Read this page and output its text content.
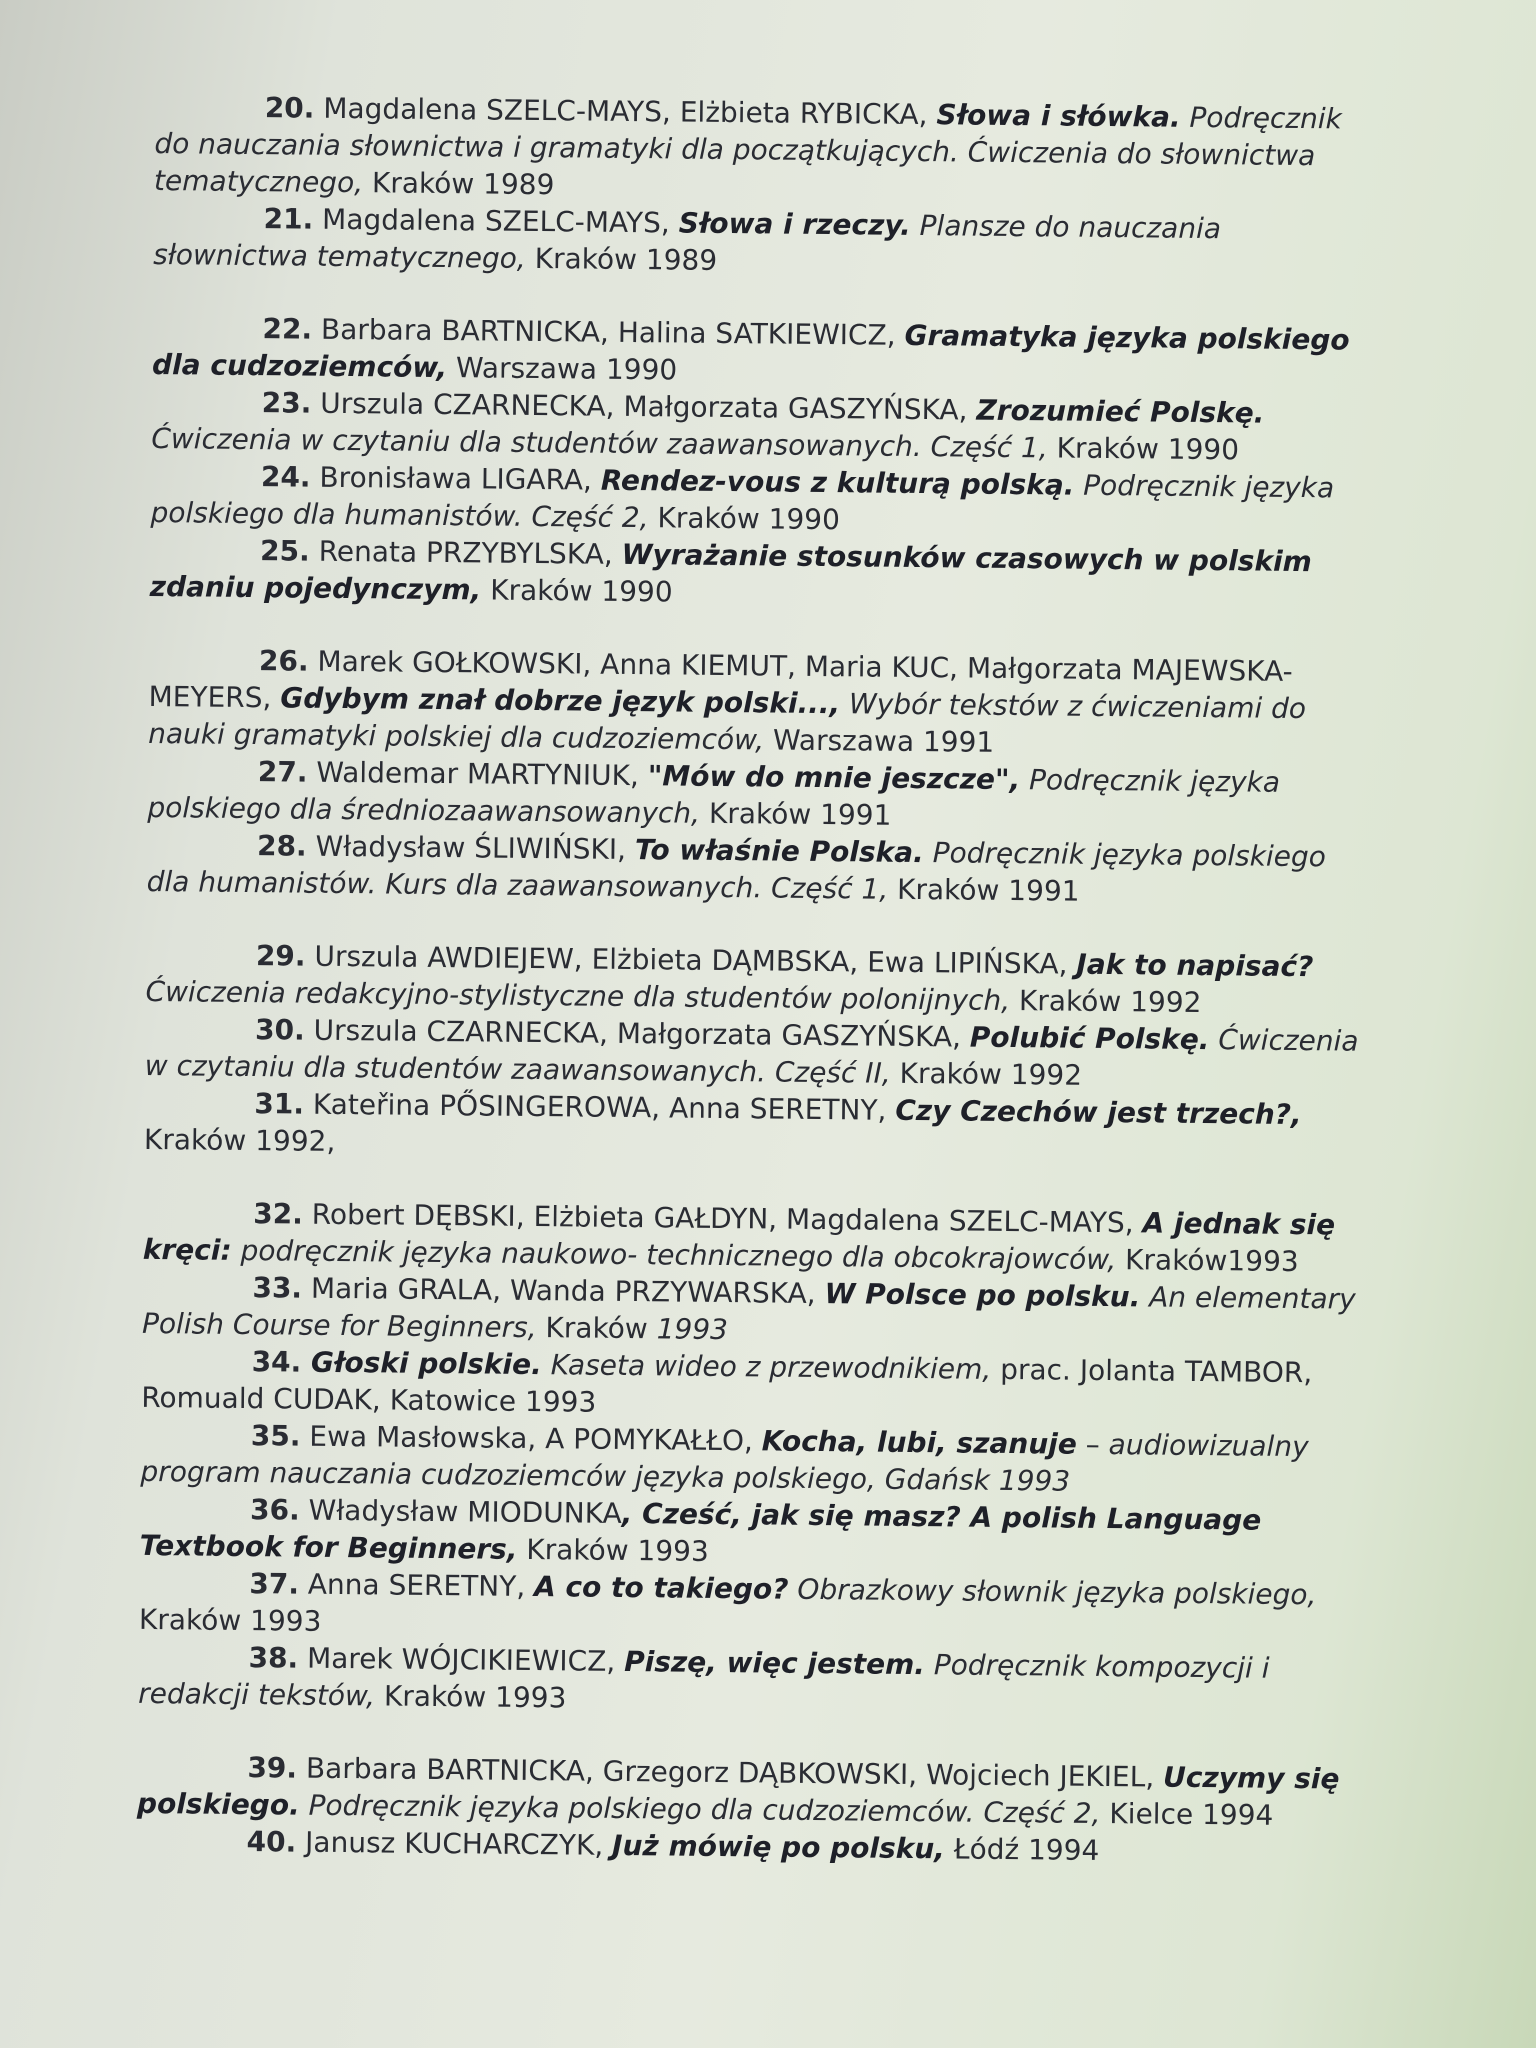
20. Magdalena SZELC-MAYS, Elżbieta RYBICKA, Słowa i słówka. Podręcznik do nauczania słownictwa i gramatyki dla początkujących. Ćwiczenia do słownictwa tematycznego, Kraków 1989

21. Magdalena SZELC-MAYS, Słowa i rzeczy. Plansze do nauczania słownictwa tematycznego, Kraków 1989

22. Barbara BARTNICKA, Halina SATKIEWICZ, Gramatyka języka polskiego dla cudzoziemców, Warszawa 1990

23. Urszula CZARNECKA, Małgorzata GASZYŃSKA, Zrozumieć Polskę. Ćwiczenia w czytaniu dla studentów zaawansowanych. Część 1, Kraków 1990

24. Bronisława LIGARA, Rendez-vous z kulturą polską. Podręcznik języka polskiego dla humanistów. Część 2, Kraków 1990

25. Renata PRZYBYLSKA, Wyrażanie stosunków czasowych w polskim zdaniu pojedynczym, Kraków 1990

26. Marek GOŁKOWSKI, Anna KIEMUT, Maria KUC, Małgorzata MAJEWSKA-MEYERS, Gdybym znał dobrze język polski..., Wybór tekstów z ćwiczeniami do nauki gramatyki polskiej dla cudzoziemców, Warszawa 1991

27. Waldemar MARTYNIUK, "Mów do mnie jeszcze", Podręcznik języka polskiego dla średniozaawansowanych, Kraków 1991

28. Władysław ŚLIWIŃSKI, To właśnie Polska. Podręcznik języka polskiego dla humanistów. Kurs dla zaawansowanych. Część 1, Kraków 1991

29. Urszula AWDIEJEW, Elżbieta DĄMBSKA, Ewa LIPIŃSKA, Jak to napisać? Ćwiczenia redakcyjno-stylistyczne dla studentów polonijnych, Kraków 1992

30. Urszula CZARNECKA, Małgorzata GASZYŃSKA, Polubić Polskę. Ćwiczenia w czytaniu dla studentów zaawansowanych. Część II, Kraków 1992

31. Kateřina PŐSINGEROWA, Anna SERETNY, Czy Czechów jest trzech?, Kraków 1992,

32. Robert DĘBSKI, Elżbieta GAŁDYN, Magdalena SZELC-MAYS, A jednak się kręci: podręcznik języka naukowo- technicznego dla obcokrajowców, Kraków1993

33. Maria GRALA, Wanda PRZYWARSKA, W Polsce po polsku. An elementary Polish Course for Beginners, Kraków 1993

34. Głoski polskie. Kaseta wideo z przewodnikiem, prac. Jolanta TAMBOR, Romuald CUDAK, Katowice 1993

35. Ewa Masłowska, A POMYKAŁŁO, Kocha, lubi, szanuje – audiowizualny program nauczania cudzoziemców języka polskiego, Gdańsk 1993

36. Władysław MIODUNKA, Cześć, jak się masz? A polish Language Textbook for Beginners, Kraków 1993

37. Anna SERETNY, A co to takiego? Obrazkowy słownik języka polskiego, Kraków 1993

38. Marek WÓJCIKIEWICZ, Piszę, więc jestem. Podręcznik kompozycji i redakcji tekstów, Kraków 1993

39. Barbara BARTNICKA, Grzegorz DĄBKOWSKI, Wojciech JEKIEL, Uczymy się polskiego. Podręcznik języka polskiego dla cudzoziemców. Część 2, Kielce 1994

40. Janusz KUCHARCZYK, Już mówię po polsku, Łódź 1994
